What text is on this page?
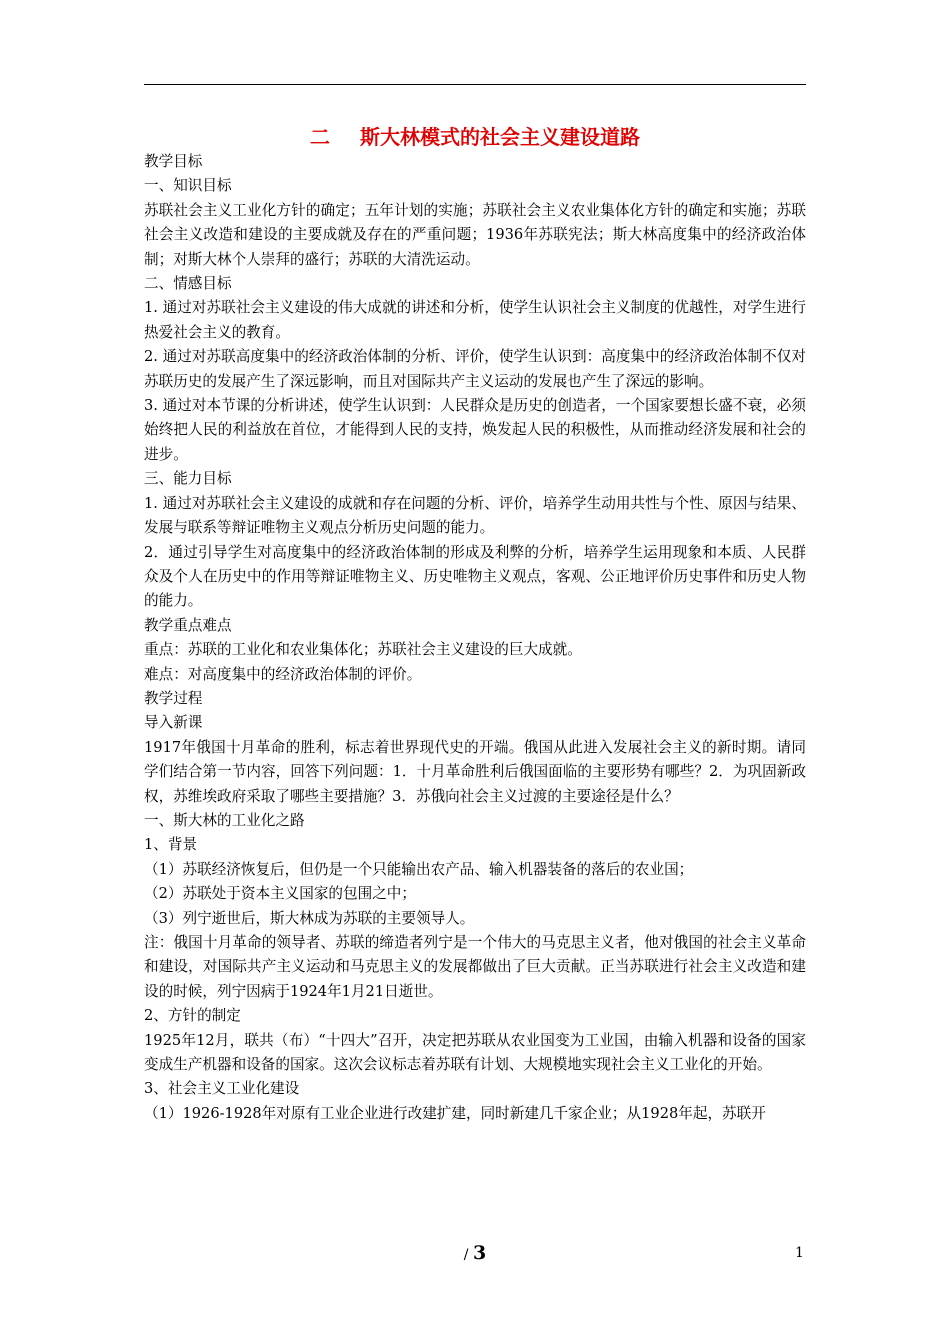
二 斯大林模式的社会主义建设道路

教学目标

一、知识目标

苏联社会主义工业化方针的确定；五年计划的实施；苏联社会主义农业集体化方针的确定和实施；苏联社会主义改造和建设的主要成就及存在的严重问题；1936年苏联宪法；斯大林高度集中的经济政治体制；对斯大林个人崇拜的盛行；苏联的大清洗运动。

二、情感目标

1. 通过对苏联社会主义建设的伟大成就的讲述和分析，使学生认识社会主义制度的优越性，对学生进行热爱社会主义的教育。

2. 通过对苏联高度集中的经济政治体制的分析、评价，使学生认识到：高度集中的经济政治体制不仅对苏联历史的发展产生了深远影响，而且对国际共产主义运动的发展也产生了深远的影响。

3. 通过对本节课的分析讲述，使学生认识到：人民群众是历史的创造者，一个国家要想长盛不衰，必须始终把人民的利益放在首位，才能得到人民的支持，焕发起人民的积极性，从而推动经济发展和社会的进步。

三、能力目标

1. 通过对苏联社会主义建设的成就和存在问题的分析、评价，培养学生动用共性与个性、原因与结果、发展与联系等辩证唯物主义观点分析历史问题的能力。

2．通过引导学生对高度集中的经济政治体制的形成及利弊的分析，培养学生运用现象和本质、人民群众及个人在历史中的作用等辩证唯物主义、历史唯物主义观点，客观、公正地评价历史事件和历史人物的能力。

教学重点难点

重点：苏联的工业化和农业集体化；苏联社会主义建设的巨大成就。

难点：对高度集中的经济政治体制的评价。

教学过程

导入新课

1917年俄国十月革命的胜利，标志着世界现代史的开端。俄国从此进入发展社会主义的新时期。请同学们结合第一节内容，回答下列问题：1．十月革命胜利后俄国面临的主要形势有哪些？2．为巩固新政权，苏维埃政府采取了哪些主要措施？3．苏俄向社会主义过渡的主要途径是什么？

一、斯大林的工业化之路

1、背景

（1）苏联经济恢复后，但仍是一个只能输出农产品、输入机器装备的落后的农业国；

（2）苏联处于资本主义国家的包围之中；

（3）列宁逝世后，斯大林成为苏联的主要领导人。

注：俄国十月革命的领导者、苏联的缔造者列宁是一个伟大的马克思主义者，他对俄国的社会主义革命和建设，对国际共产主义运动和马克思主义的发展都做出了巨大贡献。正当苏联进行社会主义改造和建设的时候，列宁因病于1924年1月21日逝世。

2、方针的制定

1925年12月，联共（布）“十四大”召开，决定把苏联从农业国变为工业国，由输入机器和设备的国家变成生产机器和设备的国家。这次会议标志着苏联有计划、大规模地实现社会主义工业化的开始。

3、社会主义工业化建设

（1）1926-1928年对原有工业企业进行改建扩建，同时新建几千家企业；从1928年起，苏联开

/ 3	1
